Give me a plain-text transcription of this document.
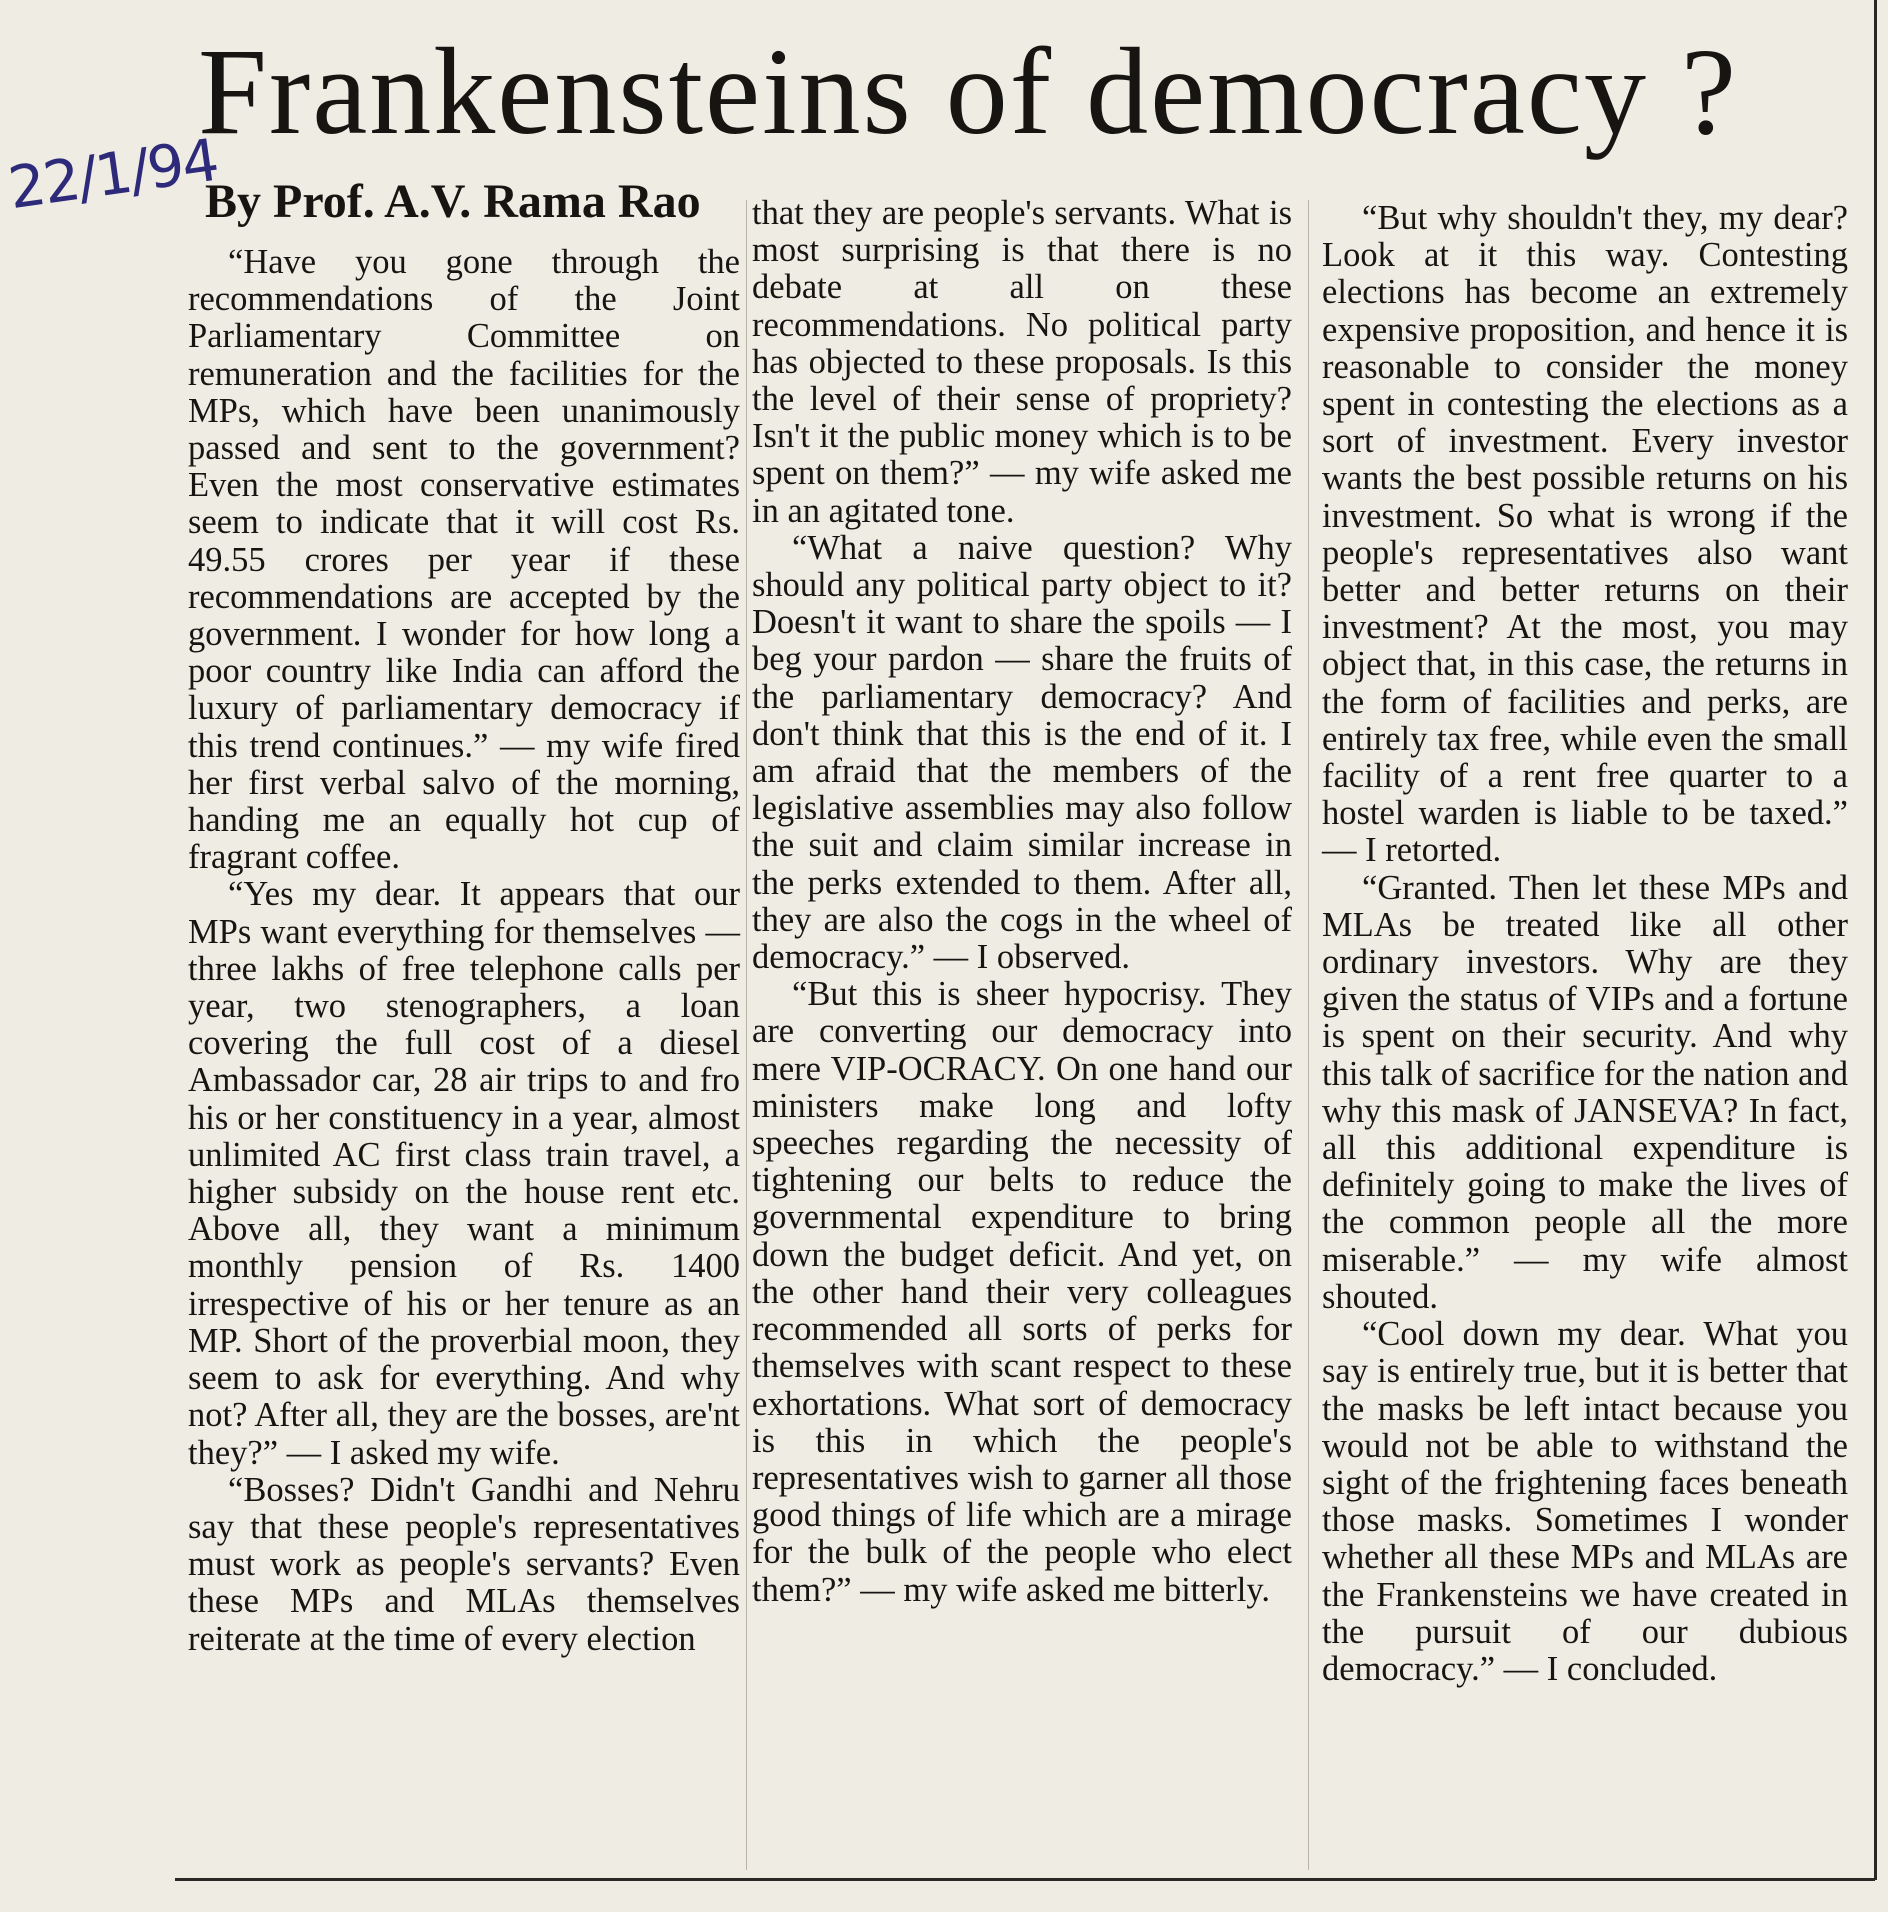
22/1/94
Frankensteins of democracy ?
By Prof. A.V. Rama Rao

“Have you gone through the recommendations of the Joint Parliamentary Committee on remuneration and the facilities for the MPs, which have been unanimously passed and sent to the government? Even the most conservative estimates seem to indicate that it will cost Rs. 49.55 crores per year if these recommendations are accepted by the government. I wonder for how long a poor country like India can afford the luxury of parliamentary democracy if this trend continues.” — my wife fired her first verbal salvo of the morning, handing me an equally hot cup of fragrant coffee.

“Yes my dear. It appears that our MPs want everything for themselves — three lakhs of free telephone calls per year, two stenographers, a loan covering the full cost of a diesel Ambassador car, 28 air trips to and fro his or her constituency in a year, almost unlimited AC first class train travel, a higher subsidy on the house rent etc. Above all, they want a minimum monthly pension of Rs. 1400 irrespective of his or her tenure as an MP. Short of the proverbial moon, they seem to ask for everything. And why not? After all, they are the bosses, are'nt they?” — I asked my wife.

“Bosses? Didn't Gandhi and Nehru say that these people's representatives must work as people's servants? Even these MPs and MLAs themselves reiterate at the time of every election

that they are people's servants. What is most surprising is that there is no debate at all on these recommendations. No political party has objected to these proposals. Is this the level of their sense of propriety? Isn't it the public money which is to be spent on them?” — my wife asked me in an agitated tone.

“What a naive question? Why should any political party object to it? Doesn't it want to share the spoils — I beg your pardon — share the fruits of the parliamentary democracy? And don't think that this is the end of it. I am afraid that the members of the legislative assemblies may also follow the suit and claim similar increase in the perks extended to them. After all, they are also the cogs in the wheel of democracy.” — I observed.

“But this is sheer hypocrisy. They are converting our democracy into mere VIP-OCRACY. On one hand our ministers make long and lofty speeches regarding the necessity of tightening our belts to reduce the governmental expenditure to bring down the budget deficit. And yet, on the other hand their very colleagues recommended all sorts of perks for themselves with scant respect to these exhortations. What sort of democracy is this in which the people's representatives wish to garner all those good things of life which are a mirage for the bulk of the people who elect them?” — my wife asked me bitterly.

“But why shouldn't they, my dear? Look at it this way. Contesting elections has become an extremely expensive proposition, and hence it is reasonable to consider the money spent in contesting the elections as a sort of investment. Every investor wants the best possible returns on his investment. So what is wrong if the people's representatives also want better and better returns on their investment? At the most, you may object that, in this case, the returns in the form of facilities and perks, are entirely tax free, while even the small facility of a rent free quarter to a hostel warden is liable to be taxed.” — I retorted.

“Granted. Then let these MPs and MLAs be treated like all other ordinary investors. Why are they given the status of VIPs and a fortune is spent on their security. And why this talk of sacrifice for the nation and why this mask of JANSEVA? In fact, all this additional expenditure is definitely going to make the lives of the common people all the more miserable.” — my wife almost shouted.

“Cool down my dear. What you say is entirely true, but it is better that the masks be left intact because you would not be able to withstand the sight of the frightening faces beneath those masks. Sometimes I wonder whether all these MPs and MLAs are the Frankensteins we have created in the pursuit of our dubious democracy.” — I concluded.
